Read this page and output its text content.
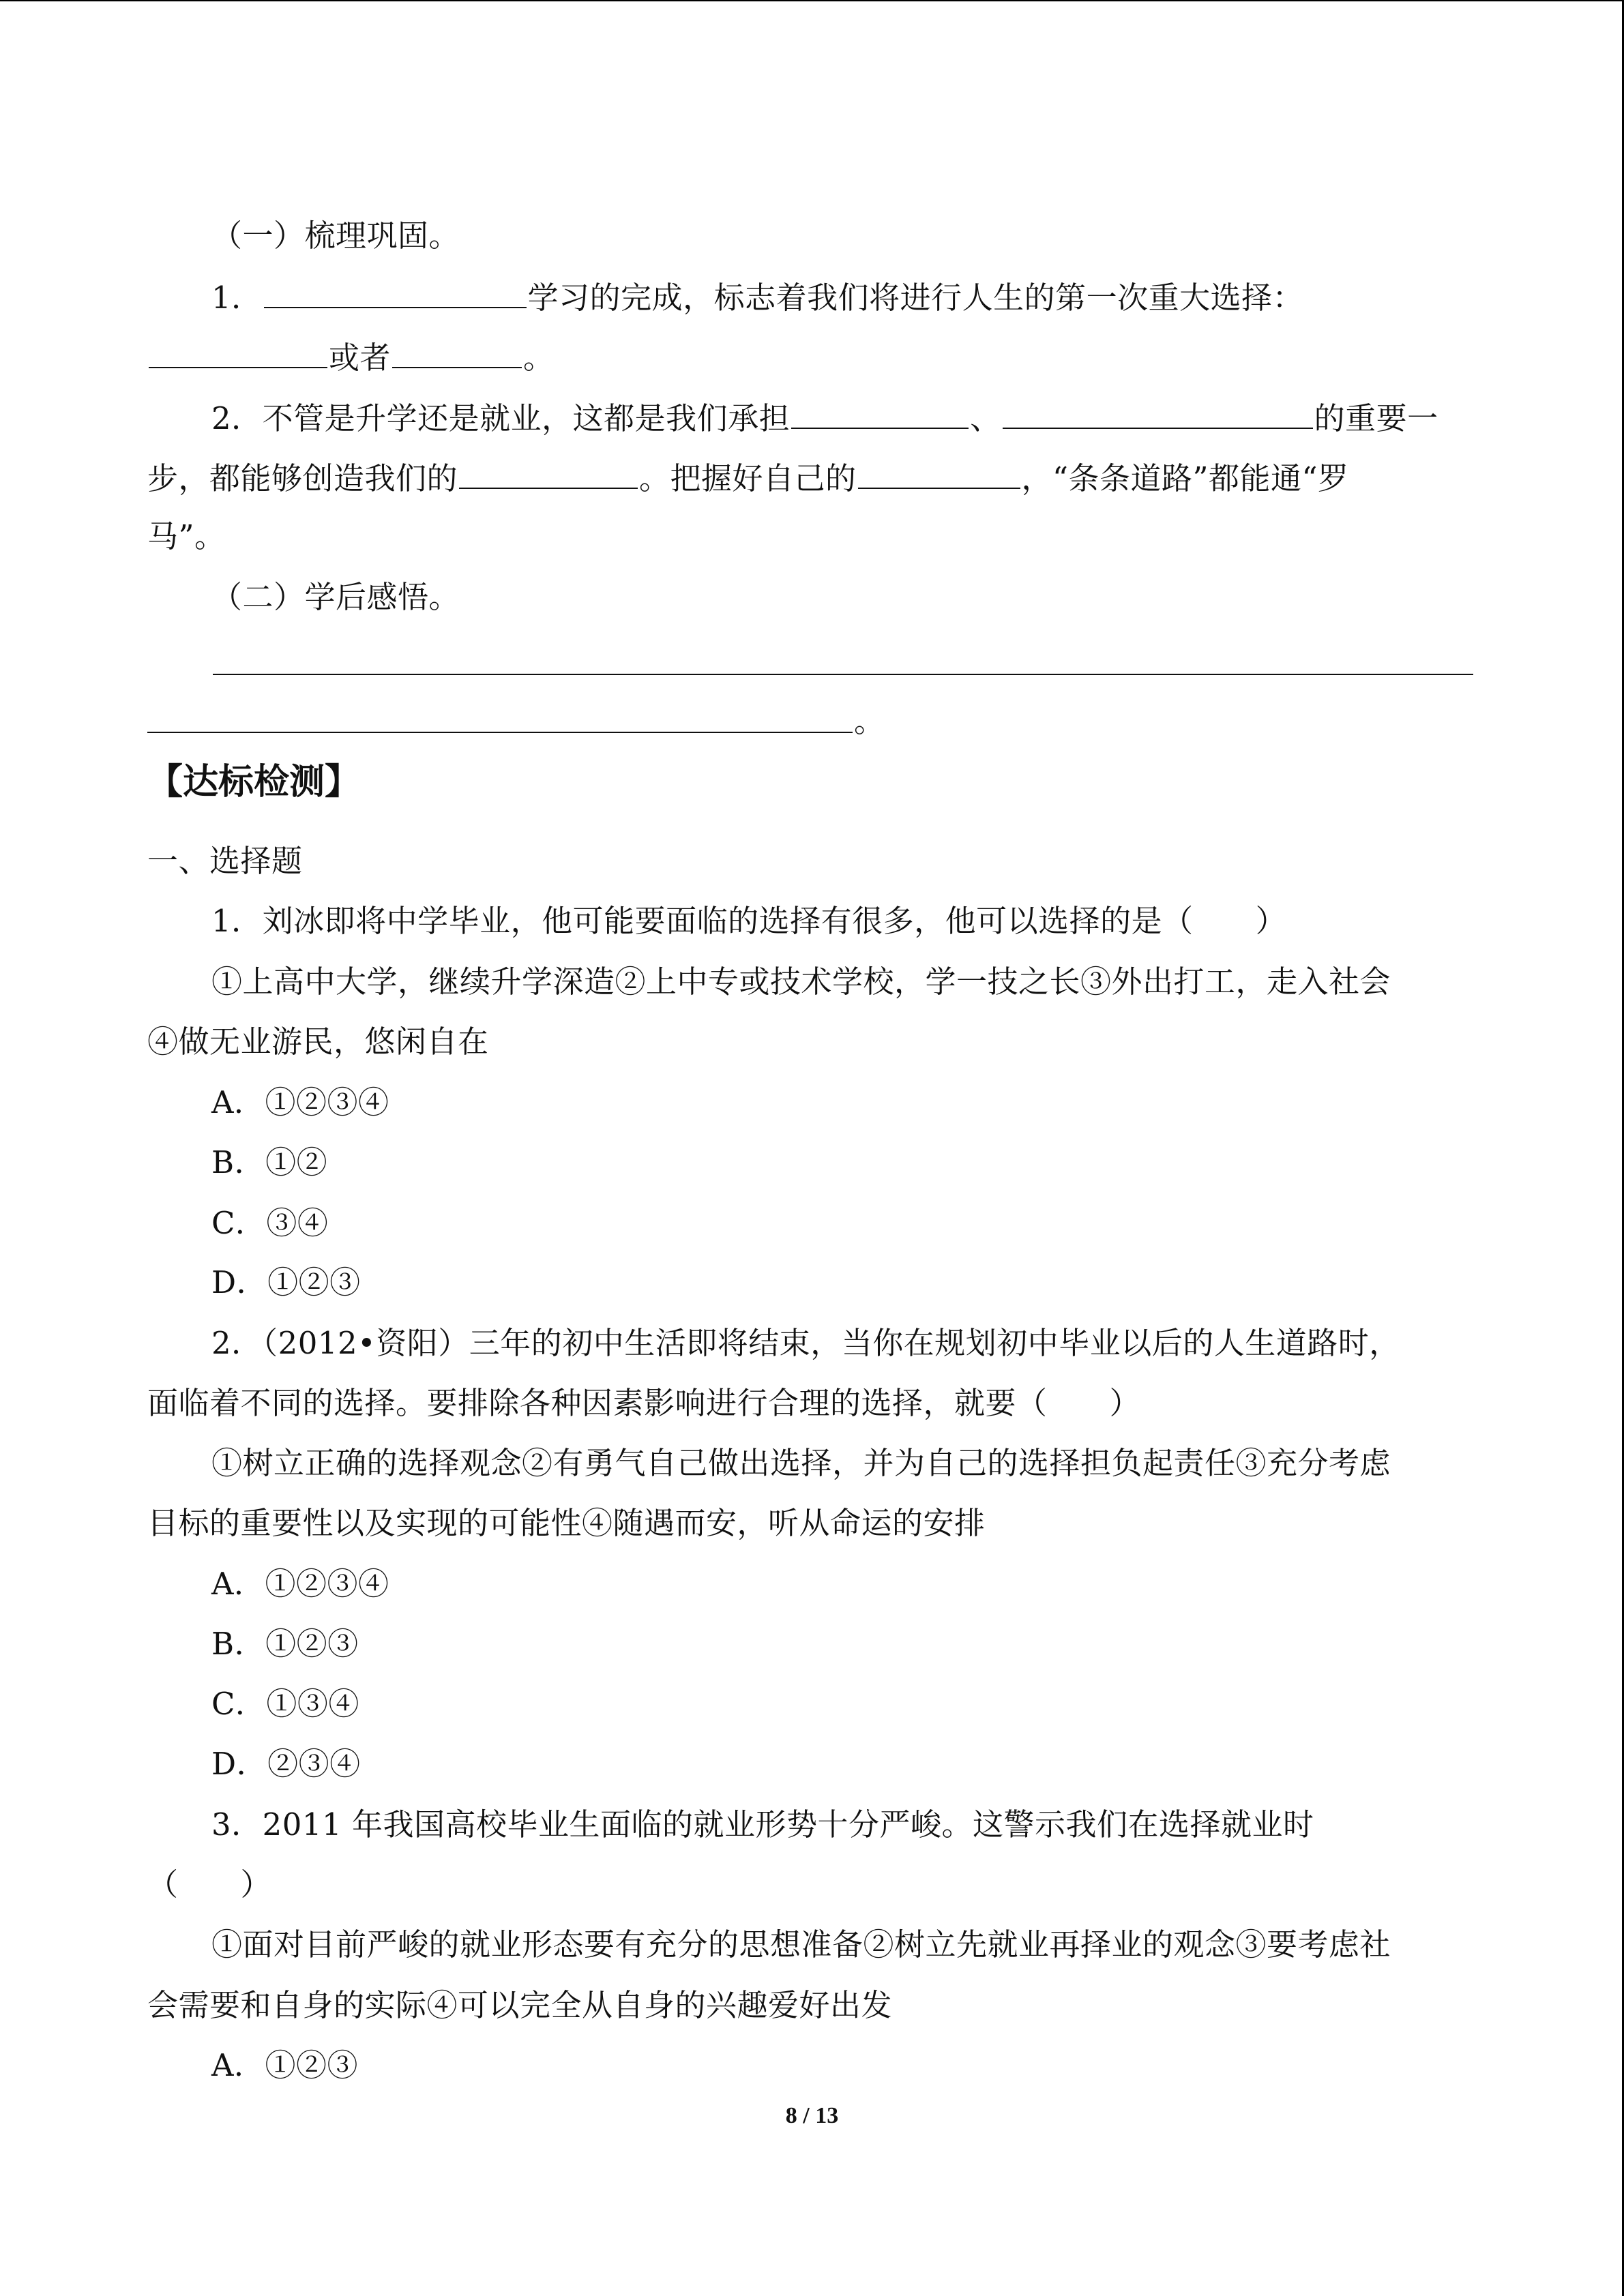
（一）梳理巩固。
1．	学习的完成，标志着我们将进行人生的第一次重大选择：
或者	。
2．不管是升学还是就业，这都是我们承担	、	的重要一
步，都能够创造我们的	。把握好自己的	，“条条道路”都能通“罗
马”。
（二）学后感悟。
。
【达标检测】
一、选择题
1．刘冰即将中学毕业，他可能要面临的选择有很多，他可以选择的是（　　）
①上高中大学，继续升学深造②上中专或技术学校，学一技之长③外出打工，走入社会
④做无业游民，悠闲自在
A．①②③④
B．①②
C．③④
D．①②③
2．（2012•资阳）三年的初中生活即将结束，当你在规划初中毕业以后的人生道路时，
面临着不同的选择。要排除各种因素影响进行合理的选择，就要（　　）
①树立正确的选择观念②有勇气自己做出选择，并为自己的选择担负起责任③充分考虑
目标的重要性以及实现的可能性④随遇而安，听从命运的安排
A．①②③④
B．①②③
C．①③④
D．②③④
3．2011 年我国高校毕业生面临的就业形势十分严峻。这警示我们在选择就业时
（　　）
①面对目前严峻的就业形态要有充分的思想准备②树立先就业再择业的观念③要考虑社
会需要和自身的实际④可以完全从自身的兴趣爱好出发
A．①②③
8 / 13
